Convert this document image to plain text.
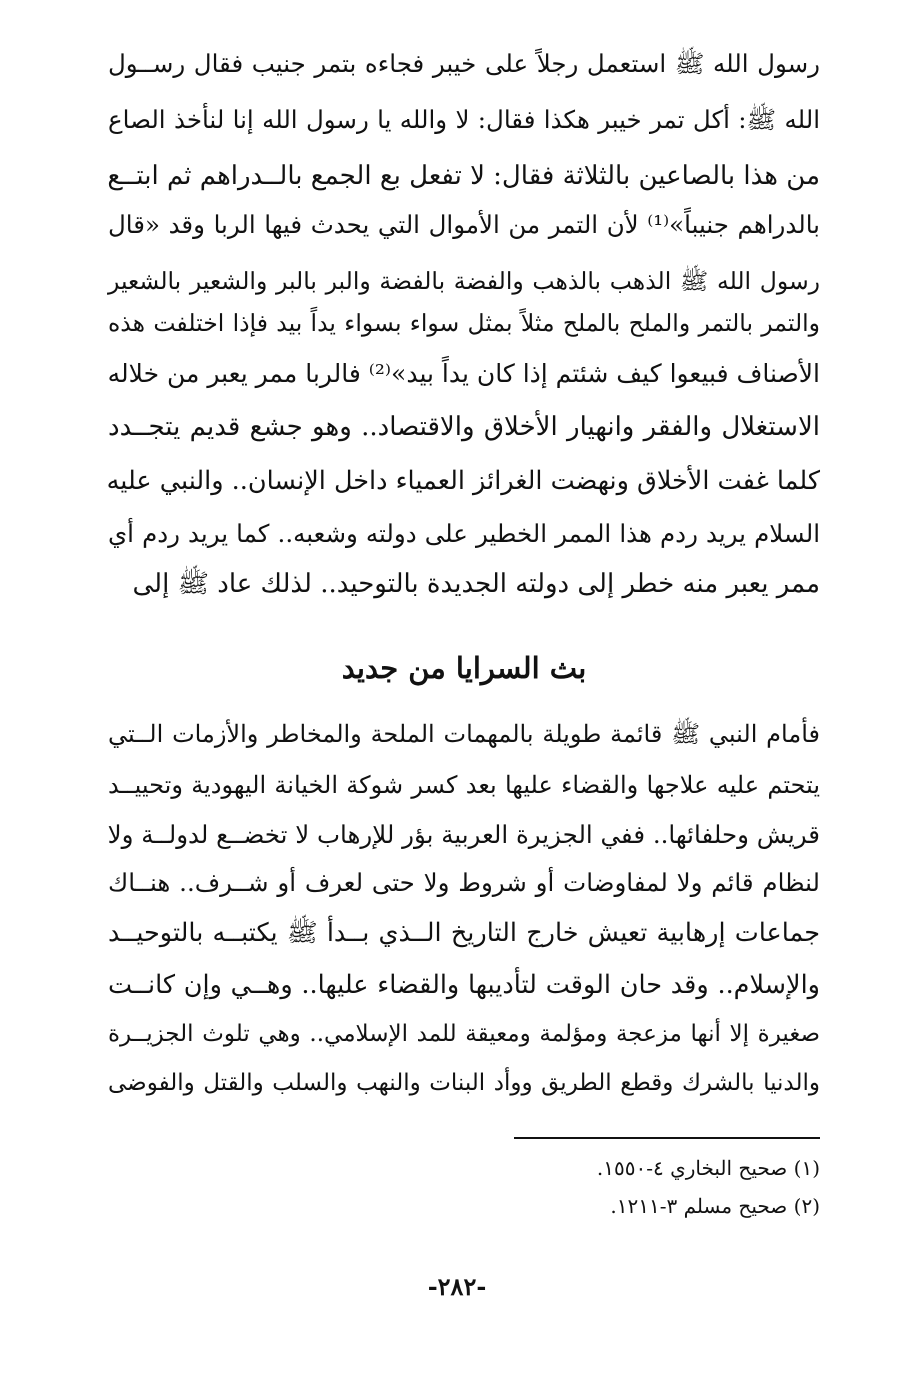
رسول الله ﷺ استعمل رجلاً على خيبر فجاءه بتمر جنيب فقال رســول
الله ﷺ: أكل تمر خيبر هكذا فقال: لا والله يا رسول الله إنا لنأخذ الصاع
من هذا بالصاعين بالثلاثة فقال: لا تفعل بع الجمع بالــدراهم ثم ابتــع
بالدراهم جنيباً»⁽¹⁾ لأن التمر من الأموال التي يحدث فيها الربا وقد «قال
رسول الله ﷺ الذهب بالذهب والفضة بالفضة والبر بالبر والشعير بالشعير
والتمر بالتمر والملح بالملح مثلاً بمثل سواء بسواء يداً بيد فإذا اختلفت هذه
الأصناف فبيعوا كيف شئتم إذا كان يداً بيد»⁽²⁾ فالربا ممر يعبر من خلاله
الاستغلال والفقر وانهيار الأخلاق والاقتصاد.. وهو جشع قديم يتجــدد
كلما غفت الأخلاق ونهضت الغرائز العمياء داخل الإنسان.. والنبي عليه
السلام يريد ردم هذا الممر الخطير على دولته وشعبه.. كما يريد ردم أي
ممر يعبر منه خطر إلى دولته الجديدة بالتوحيد.. لذلك عاد ﷺ إلى
بث السرايا من جديد
فأمام النبي ﷺ قائمة طويلة بالمهمات الملحة والمخاطر والأزمات الــتي
يتحتم عليه علاجها والقضاء عليها بعد كسر شوكة الخيانة اليهودية وتحييــد
قريش وحلفائها.. ففي الجزيرة العربية بؤر للإرهاب لا تخضــع لدولــة ولا
لنظام قائم ولا لمفاوضات أو شروط ولا حتى لعرف أو شــرف.. هنــاك
جماعات إرهابية تعيش خارج التاريخ الــذي بــدأ ﷺ يكتبــه بالتوحيــد
والإسلام.. وقد حان الوقت لتأديبها والقضاء عليها.. وهــي وإن كانــت
صغيرة إلا أنها مزعجة ومؤلمة ومعيقة للمد الإسلامي.. وهي تلوث الجزيــرة
والدنيا بالشرك وقطع الطريق ووأد البنات والنهب والسلب والقتل والفوضى
(١) صحيح البخاري ٤-١٥٥٠.
(٢) صحيح مسلم ٣-١٢١١.
-٢٨٢-
